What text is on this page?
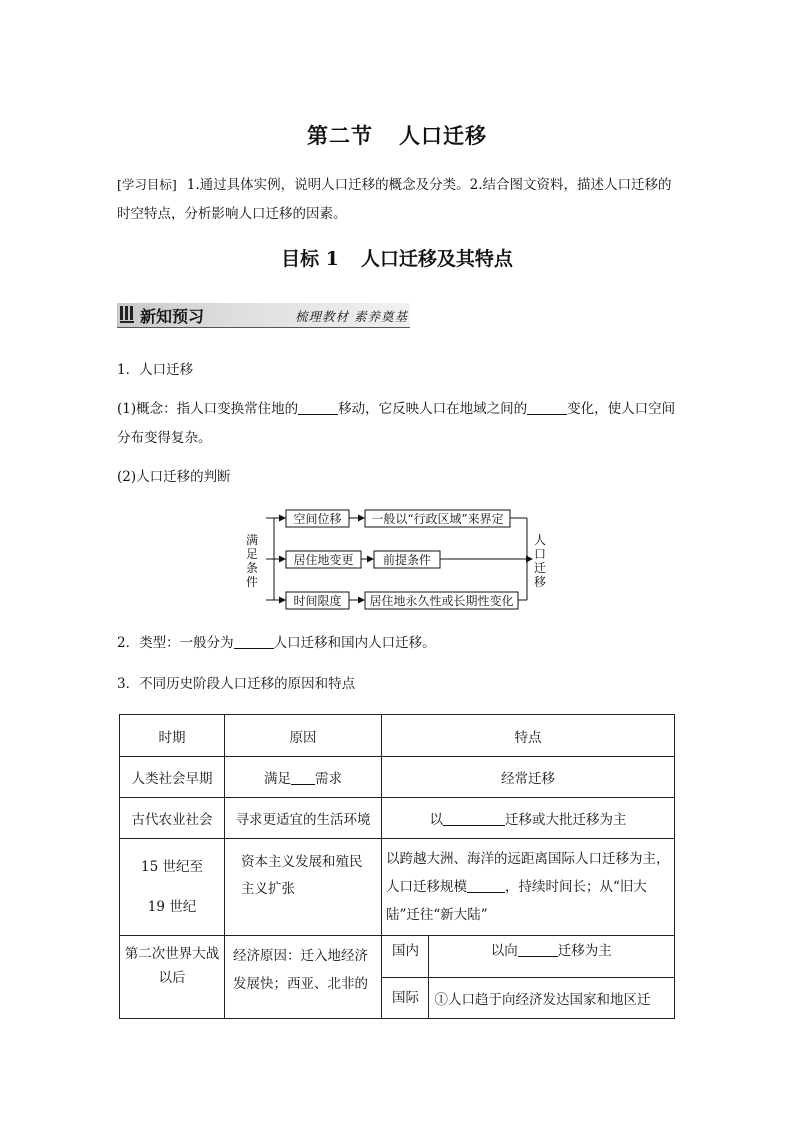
第二节 人口迁移
[学习目标] 1.通过具体实例，说明人口迁移的概念及分类。2.结合图文资料，描述人口迁移的时空特点，分析影响人口迁移的因素。
目标 1 人口迁移及其特点
新知预习	梳理教材 素养奠基
1．人口迁移
(1)概念：指人口变换常住地的	移动，它反映人口在地域之间的	变化，使人口空间分布变得复杂。
(2)人口迁移的判断
满
足
条
件
空间位移
居住地变更
时间限度
一般以“行政区域”来界定
前提条件
居住地永久性或长期性变化
人
口
迁
移
2．类型：一般分为	人口迁移和国内人口迁移。
3．不同历史阶段人口迁移的原因和特点
时期	原因	特点
人类社会早期	满足 需求	经常迁移
古代农业社会	寻求更适宜的生活环境	以	迁移或大批迁移为主
15 世纪至
19 世纪	资本主义发展和殖民主义扩张	以跨越大洲、海洋的远距离国际人口迁移为主，人口迁移规模	，持续时间长；从“旧大陆”迁往“新大陆”
第二次世界大战以后	经济原因：迁入地经济发展快；西亚、北非的	
国内	以向	迁移为主
国际	①人口趋于向经济发达国家和地区迁
